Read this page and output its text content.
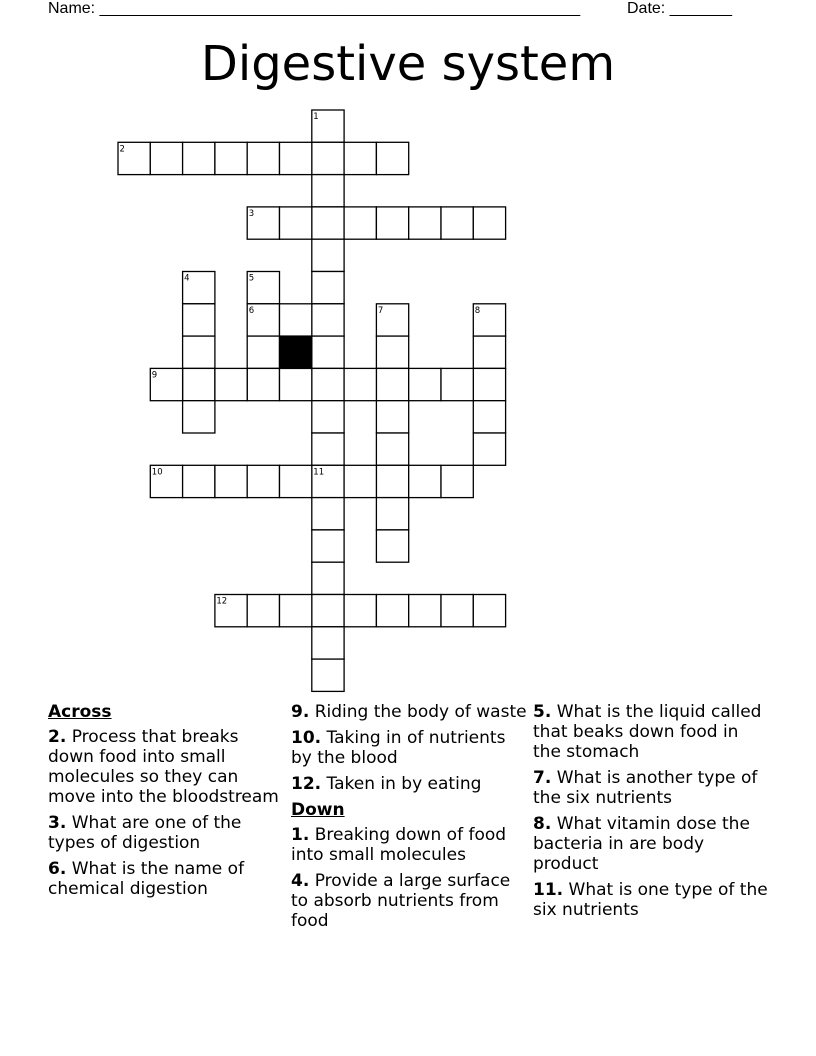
Name: ______________________________________________________	Date: _______
Digestive system
1
11
2
3
4	5
6	7	8
9
10
12
Across
2. Process that breaks down food into small molecules so they can move into the bloodstream
3. What are one of the types of digestion
6. What is the name of chemical digestion
9. Riding the body of waste
10. Taking in of nutrients by the blood
12. Taken in by eating
Down
1. Breaking down of food into small molecules
4. Provide a large surface to absorb nutrients from food
5. What is the liquid called that beaks down food in the stomach
7. What is another type of the six nutrients
8. What vitamin dose the bacteria in are body product
11. What is one type of the six nutrients
